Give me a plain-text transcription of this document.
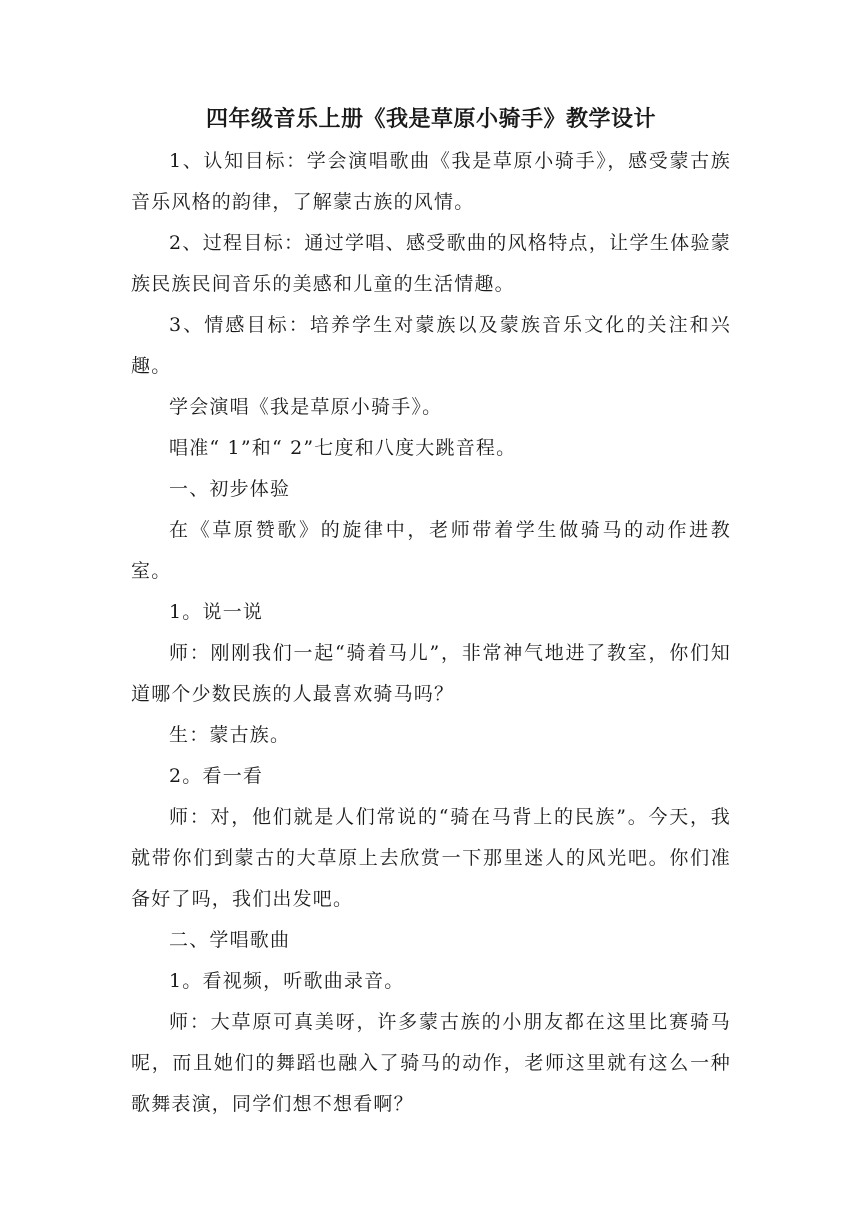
四年级音乐上册《我是草原小骑手》教学设计

1、认知目标：学会演唱歌曲《我是草原小骑手》，感受蒙古族音乐风格的韵律，了解蒙古族的风情。

2、过程目标：通过学唱、感受歌曲的风格特点，让学生体验蒙族民族民间音乐的美感和儿童的生活情趣。

3、情感目标：培养学生对蒙族以及蒙族音乐文化的关注和兴趣。

学会演唱《我是草原小骑手》。

唱准“ 1”和“ 2”七度和八度大跳音程。

一、初步体验

在《草原赞歌》的旋律中，老师带着学生做骑马的动作进教室。

1。说一说

师：刚刚我们一起“骑着马儿”，非常神气地进了教室，你们知道哪个少数民族的人最喜欢骑马吗？

生：蒙古族。

2。看一看

师：对，他们就是人们常说的“骑在马背上的民族”。今天，我就带你们到蒙古的大草原上去欣赏一下那里迷人的风光吧。你们准备好了吗，我们出发吧。

二、学唱歌曲

1。看视频，听歌曲录音。

师：大草原可真美呀，许多蒙古族的小朋友都在这里比赛骑马呢，而且她们的舞蹈也融入了骑马的动作，老师这里就有这么一种歌舞表演，同学们想不想看啊？
